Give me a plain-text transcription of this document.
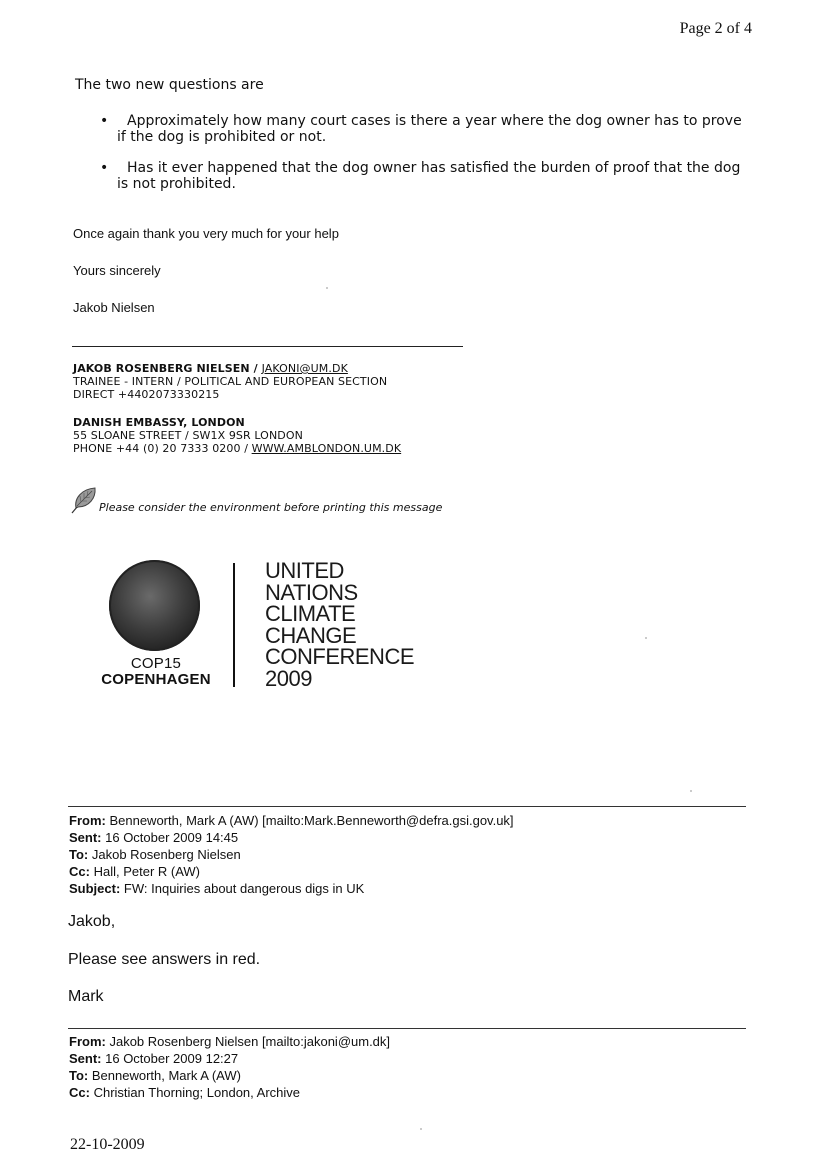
Page 2 of 4
The two new questions are
• Approximately how many court cases is there a year where the dog owner has to prove

if the dog is prohibited or not.
• Has it ever happened that the dog owner has satisfied the burden of proof that the dog

is not prohibited.
Once again thank you very much for your help
Yours sincerely
Jakob Nielsen
JAKOB ROSENBERG NIELSEN / JAKONI@UM.DK
TRAINEE - INTERN / POLITICAL AND EUROPEAN SECTION
DIRECT +4402073330215
DANISH EMBASSY, LONDON
55 SLOANE STREET / SW1X 9SR LONDON
PHONE +44 (0) 20 7333 0200 / WWW.AMBLONDON.UM.DK
Please consider the environment before printing this message
COP15
COPENHAGEN
UNITED
NATIONS
CLIMATE
CHANGE
CONFERENCE
2009
From: Benneworth, Mark A (AW) [mailto:Mark.Benneworth@defra.gsi.gov.uk]
Sent: 16 October 2009 14:45
To: Jakob Rosenberg Nielsen
Cc: Hall, Peter R (AW)
Subject: FW: Inquiries about dangerous digs in UK
Jakob,
Please see answers in red.
Mark
From: Jakob Rosenberg Nielsen [mailto:jakoni@um.dk]
Sent: 16 October 2009 12:27
To: Benneworth, Mark A (AW)
Cc: Christian Thorning; London, Archive
22-10-2009
